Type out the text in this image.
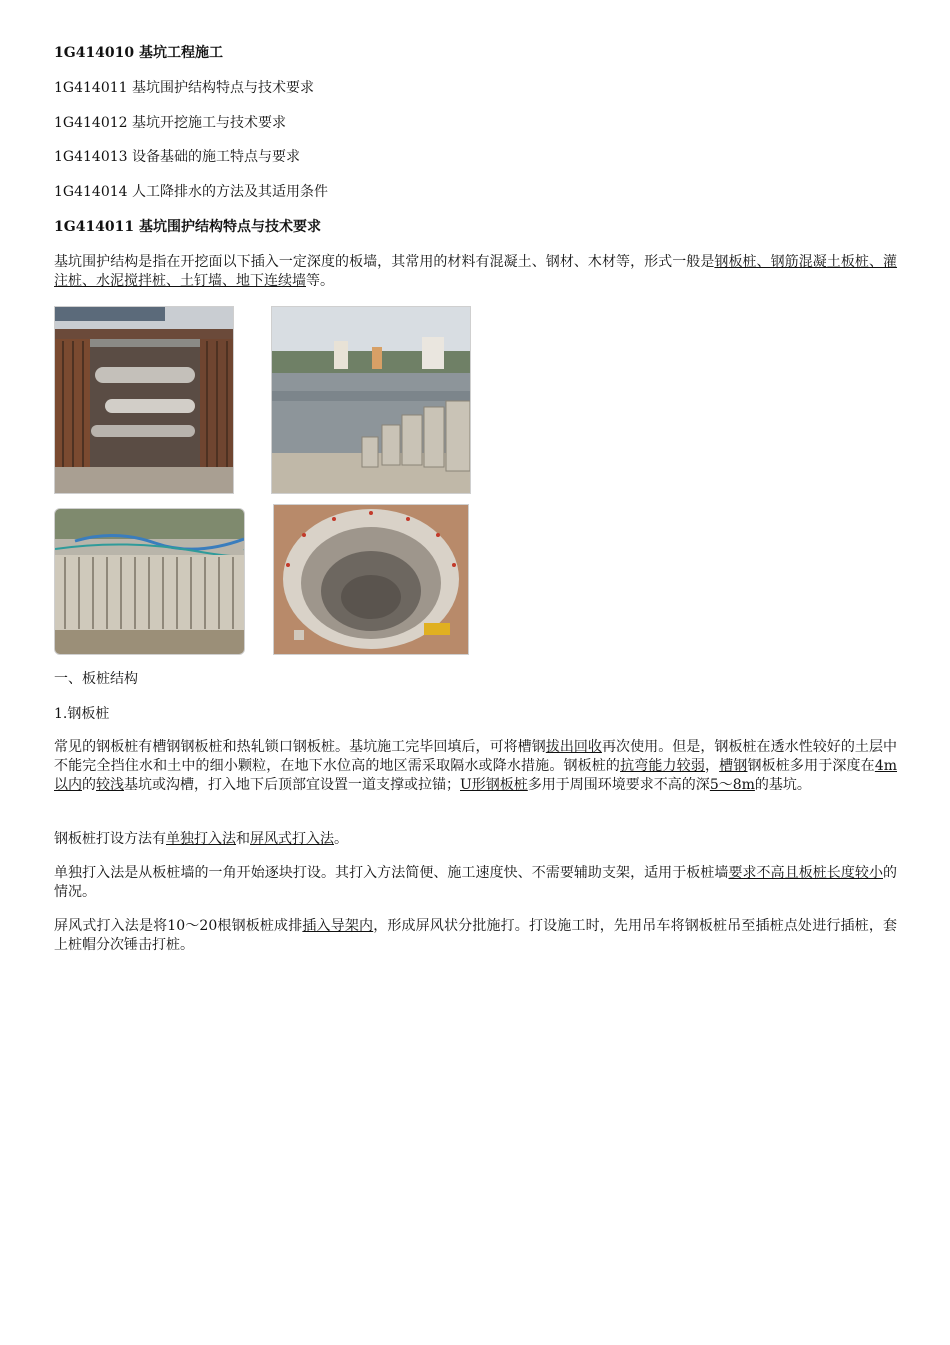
1G414010 基坑工程施工
1G414011 基坑围护结构特点与技术要求
1G414012 基坑开挖施工与技术要求
1G414013 设备基础的施工特点与要求
1G414014 人工降排水的方法及其适用条件
1G414011 基坑围护结构特点与技术要求
基坑围护结构是指在开挖面以下插入一定深度的板墙，其常用的材料有混凝土、钢材、木材等，形式一般是钢板桩、钢筋混凝土板桩、灌注桩、水泥搅拌桩、土钉墙、地下连续墙等。
一、板桩结构
1.钢板桩
常见的钢板桩有槽钢钢板桩和热轧锁口钢板桩。基坑施工完毕回填后，可将槽钢拔出回收再次使用。但是，钢板桩在透水性较好的土层中不能完全挡住水和土中的细小颗粒，在地下水位高的地区需采取隔水或降水措施。钢板桩的抗弯能力较弱，槽钢钢板桩多用于深度在4m以内的较浅基坑或沟槽，打入地下后顶部宜设置一道支撑或拉锚；U形钢板桩多用于周围环境要求不高的深5～8m的基坑。
钢板桩打设方法有单独打入法和屏风式打入法。
单独打入法是从板桩墙的一角开始逐块打设。其打入方法简便、施工速度快、不需要辅助支架，适用于板桩墙要求不高且板桩长度较小的情况。
屏风式打入法是将10～20根钢板桩成排插入导架内，形成屏风状分批施打。打设施工时，先用吊车将钢板桩吊至插桩点处进行插桩，套上桩帽分次锤击打桩。
